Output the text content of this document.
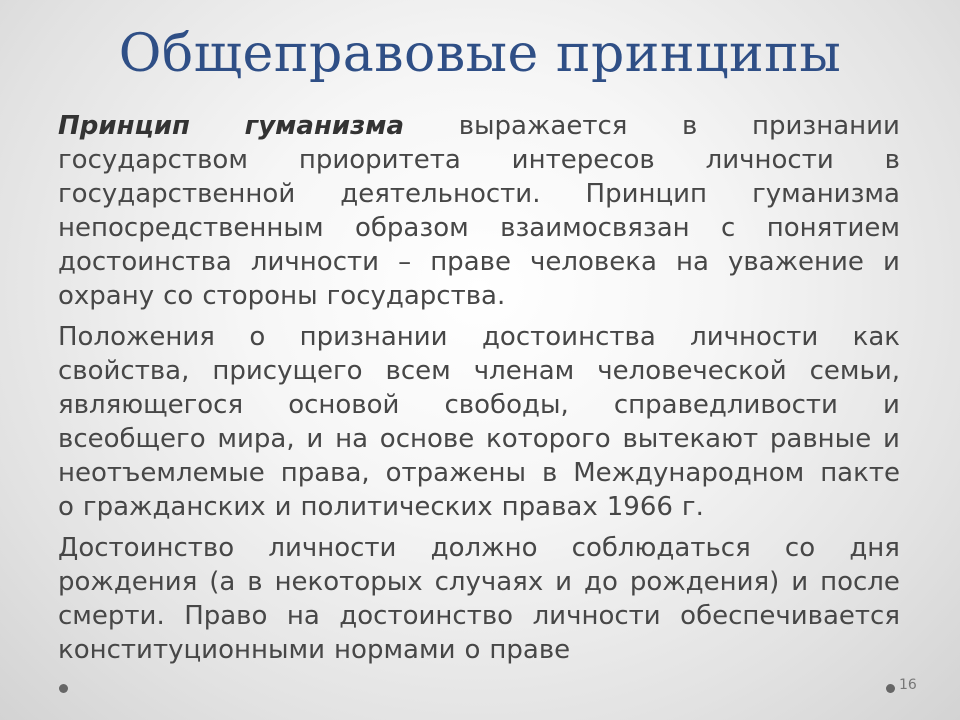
Общеправовые принципы

Принцип гуманизма выражается в признании
государством приоритета интересов личности в
государственной деятельности. Принцип гуманизма
непосредственным образом взаимосвязан с понятием
достоинства личности – праве человека на уважение и
охрану со стороны государства.

Положения о признании достоинства личности как
свойства, присущего всем членам человеческой семьи,
являющегося основой свободы, справедливости и
всеобщего мира, и на основе которого вытекают равные и
неотъемлемые права, отражены в Международном пакте
о гражданских и политических правах 1966 г.

Достоинство личности должно соблюдаться со дня
рождения (а в некоторых случаях и до рождения) и после
смерти. Право на достоинство личности обеспечивается
конституционными нормами о праве

16
